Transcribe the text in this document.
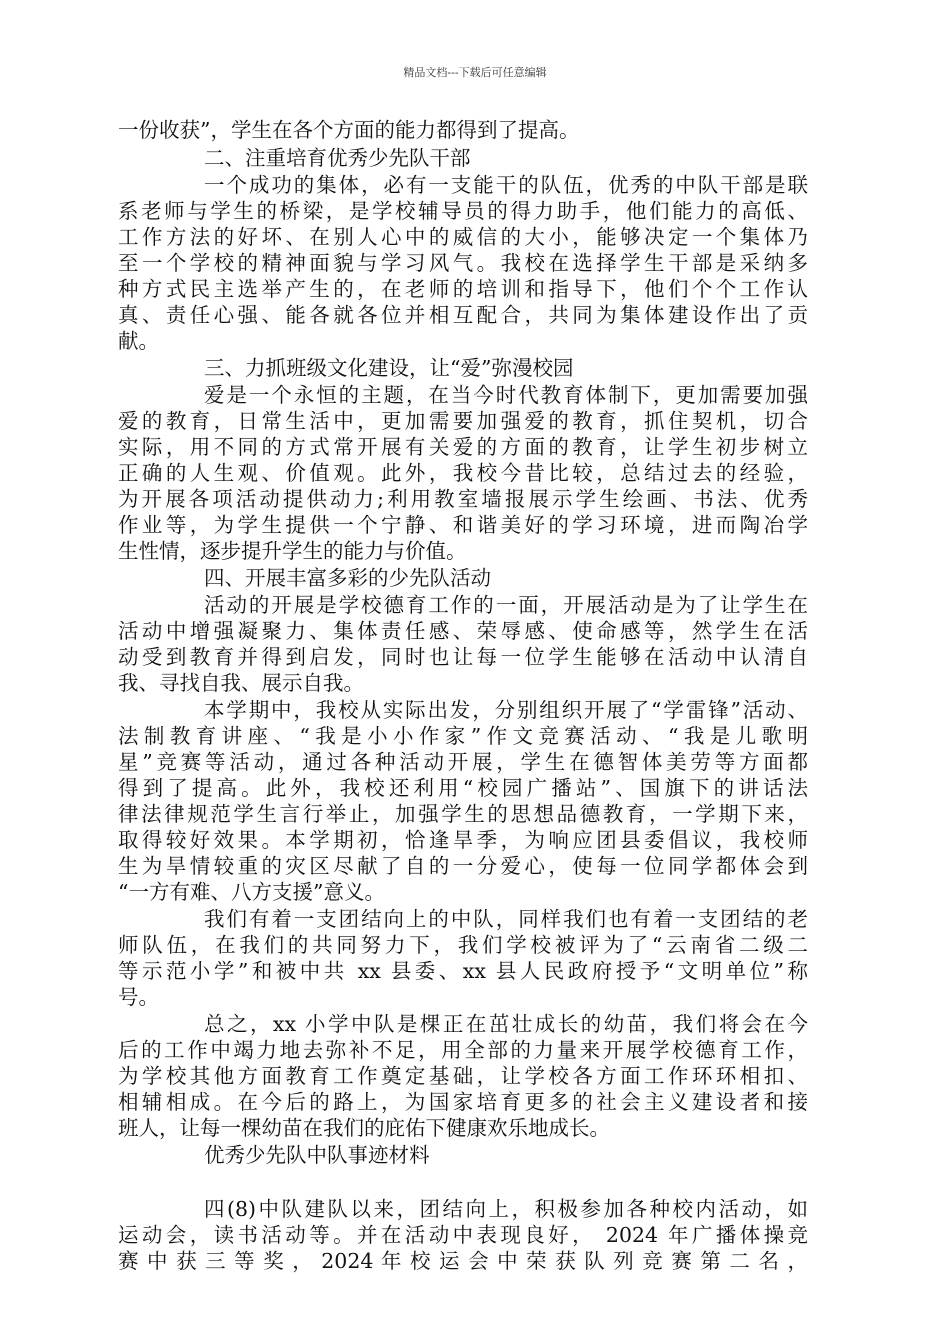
精品文档---下载后可任意编辑
一份收获”，学生在各个方面的能力都得到了提高。
二、注重培育优秀少先队干部
一个成功的集体，必有一支能干的队伍，优秀的中队干部是联
系老师与学生的桥梁，是学校辅导员的得力助手，他们能力的高低、
工作方法的好坏、在别人心中的威信的大小，能够决定一个集体乃
至一个学校的精神面貌与学习风气。我校在选择学生干部是采纳多
种方式民主选举产生的，在老师的培训和指导下，他们个个工作认
真、责任心强、能各就各位并相互配合，共同为集体建设作出了贡
献。
三、力抓班级文化建设，让“爱”弥漫校园
爱是一个永恒的主题，在当今时代教育体制下，更加需要加强
爱的教育，日常生活中，更加需要加强爱的教育，抓住契机，切合
实际，用不同的方式常开展有关爱的方面的教育，让学生初步树立
正确的人生观、价值观。此外，我校今昔比较，总结过去的经验，
为开展各项活动提供动力;利用教室墙报展示学生绘画、书法、优秀
作业等，为学生提供一个宁静、和谐美好的学习环境，进而陶冶学
生性情，逐步提升学生的能力与价值。
四、开展丰富多彩的少先队活动
活动的开展是学校德育工作的一面，开展活动是为了让学生在
活动中增强凝聚力、集体责任感、荣辱感、使命感等，然学生在活
动受到教育并得到启发，同时也让每一位学生能够在活动中认清自
我、寻找自我、展示自我。
本学期中，我校从实际出发，分别组织开展了“学雷锋”活动、
法制教育讲座、“我是小小作家”作文竞赛活动、“我是儿歌明
星”竞赛等活动，通过各种活动开展，学生在德智体美劳等方面都
得到了提高。此外，我校还利用“校园广播站”、国旗下的讲话法
律法律规范学生言行举止，加强学生的思想品德教育，一学期下来，
取得较好效果。本学期初，恰逢旱季，为响应团县委倡议，我校师
生为旱情较重的灾区尽献了自的一分爱心，使每一位同学都体会到
“一方有难、八方支援”意义。
我们有着一支团结向上的中队，同样我们也有着一支团结的老
师队伍，在我们的共同努力下，我们学校被评为了“云南省二级二
等示范小学”和被中共 xx 县委、xx 县人民政府授予“文明单位”称
号。
总之，xx 小学中队是棵正在茁壮成长的幼苗，我们将会在今
后的工作中竭力地去弥补不足，用全部的力量来开展学校德育工作，
为学校其他方面教育工作奠定基础，让学校各方面工作环环相扣、
相辅相成。在今后的路上，为国家培育更多的社会主义建设者和接
班人，让每一棵幼苗在我们的庇佑下健康欢乐地成长。
优秀少先队中队事迹材料
四(8)中队建队以来，团结向上，积极参加各种校内活动，如
运动会，读书活动等。并在活动中表现良好， 2024 年广播体操竞
赛 中 获 三 等 奖 ， 2024 年 校 运 会 中 荣 获 队 列 竞 赛 第 二 名 ，
